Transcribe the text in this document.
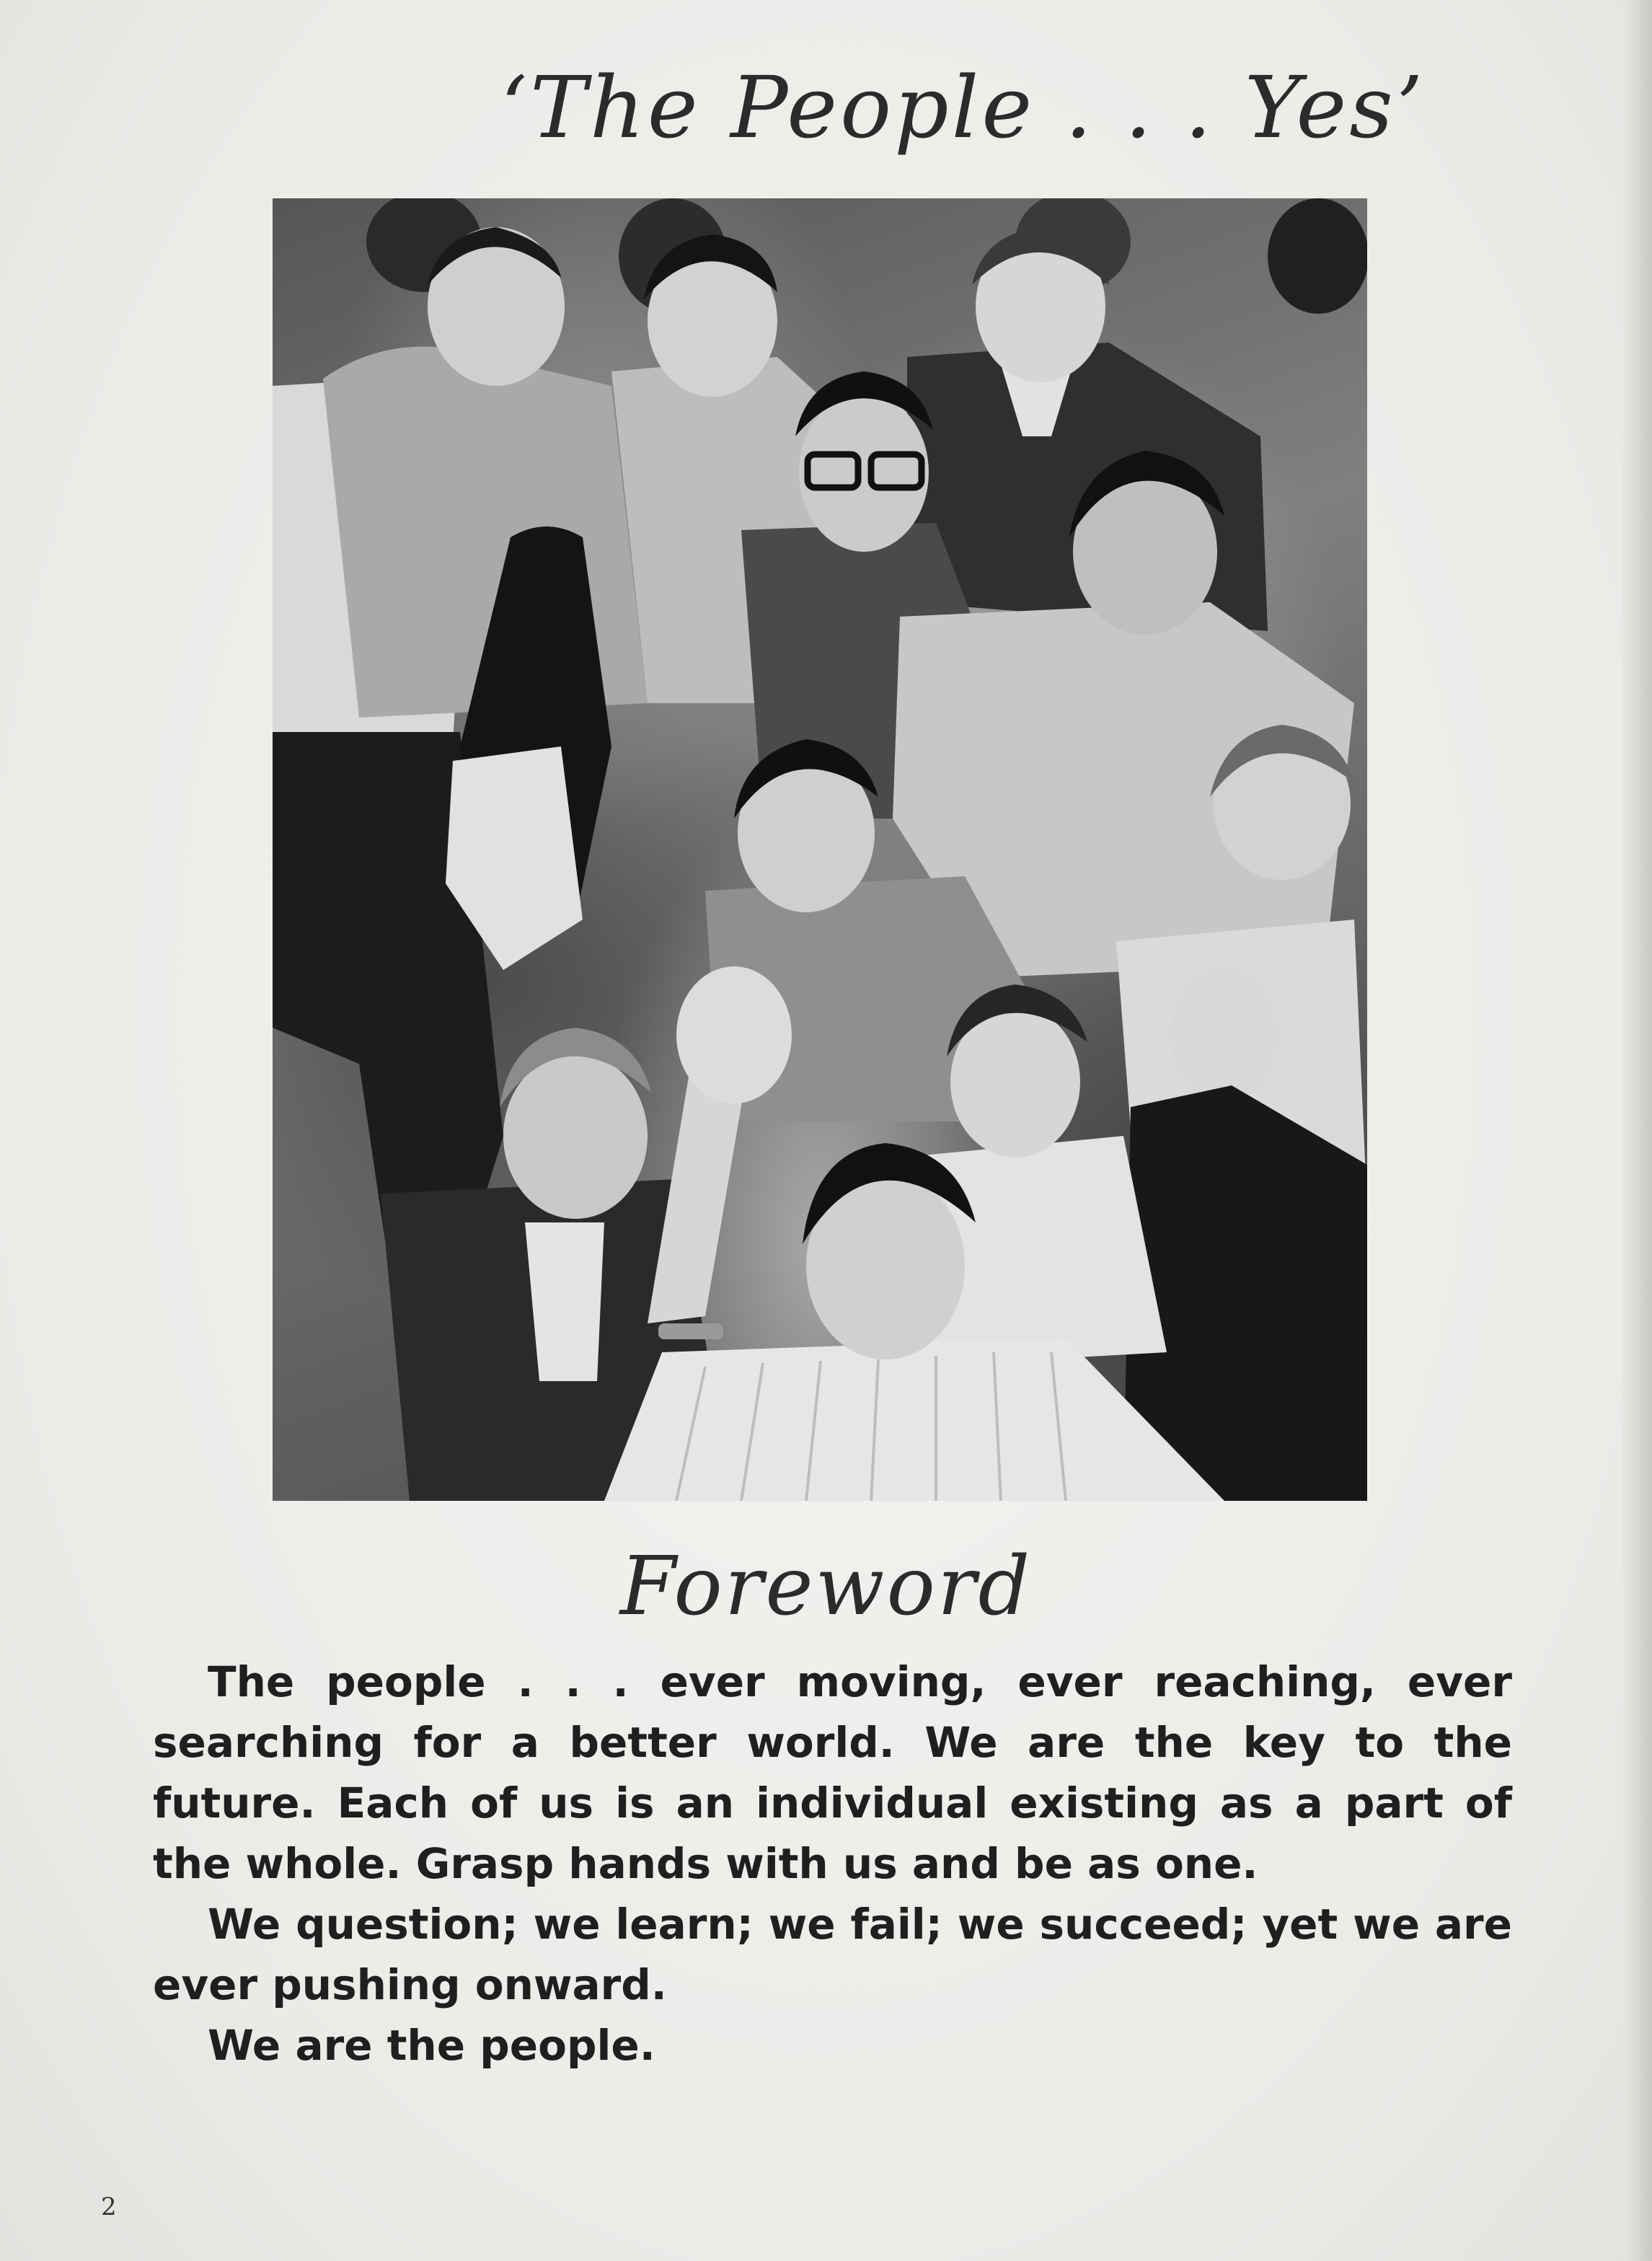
‘The People . . . Yes’
Foreword

The people . . . ever moving, ever reaching, ever searching for a better world. We are the key to the future. Each of us is an individual existing as a part of the whole. Grasp hands with us and be as one.

We question; we learn; we fail; we succeed; yet we are ever pushing onward.

We are the people.

2
